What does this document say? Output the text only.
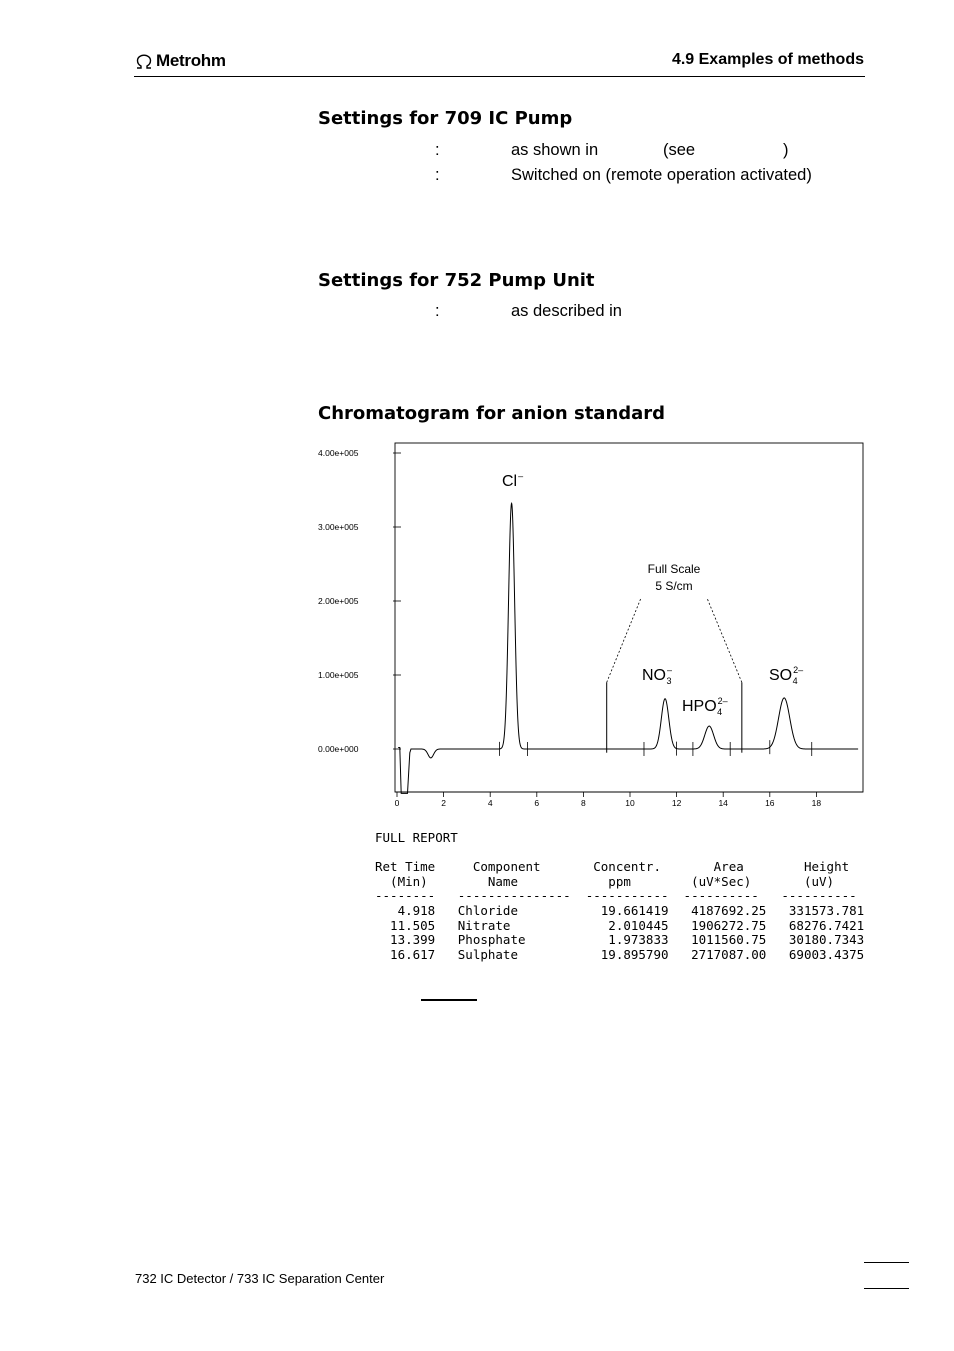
Metrohm	4.9 Examples of methods
Settings for 709 IC Pump
:	as shown in	(see	)
:	Switched on (remote operation activated)
Settings for 752 Pump Unit
:	as described in
Chromatogram for anion standard
0.00e+000
1.00e+005
2.00e+005
3.00e+005
4.00e+005
0	2	4	6	8	10	12	14	16	18
Cl –
NO 3
–
HPO 4
2–
SO 4
2–
Full Scale
5 S/cm
FULL REPORT

Ret Time     Component       Concentr.       Area        Height
(Min)        Name            ppm        (uV*Sec)       (uV)
--------   ---------------  -----------  ----------   ----------
4.918   Chloride           19.661419   4187692.25   331573.781
11.505   Nitrate             2.010445   1906272.75   68276.7421
13.399   Phosphate           1.973833   1011560.75   30180.7343
16.617   Sulphate           19.895790   2717087.00   69003.4375
732 IC Detector / 733 IC Separation Center
